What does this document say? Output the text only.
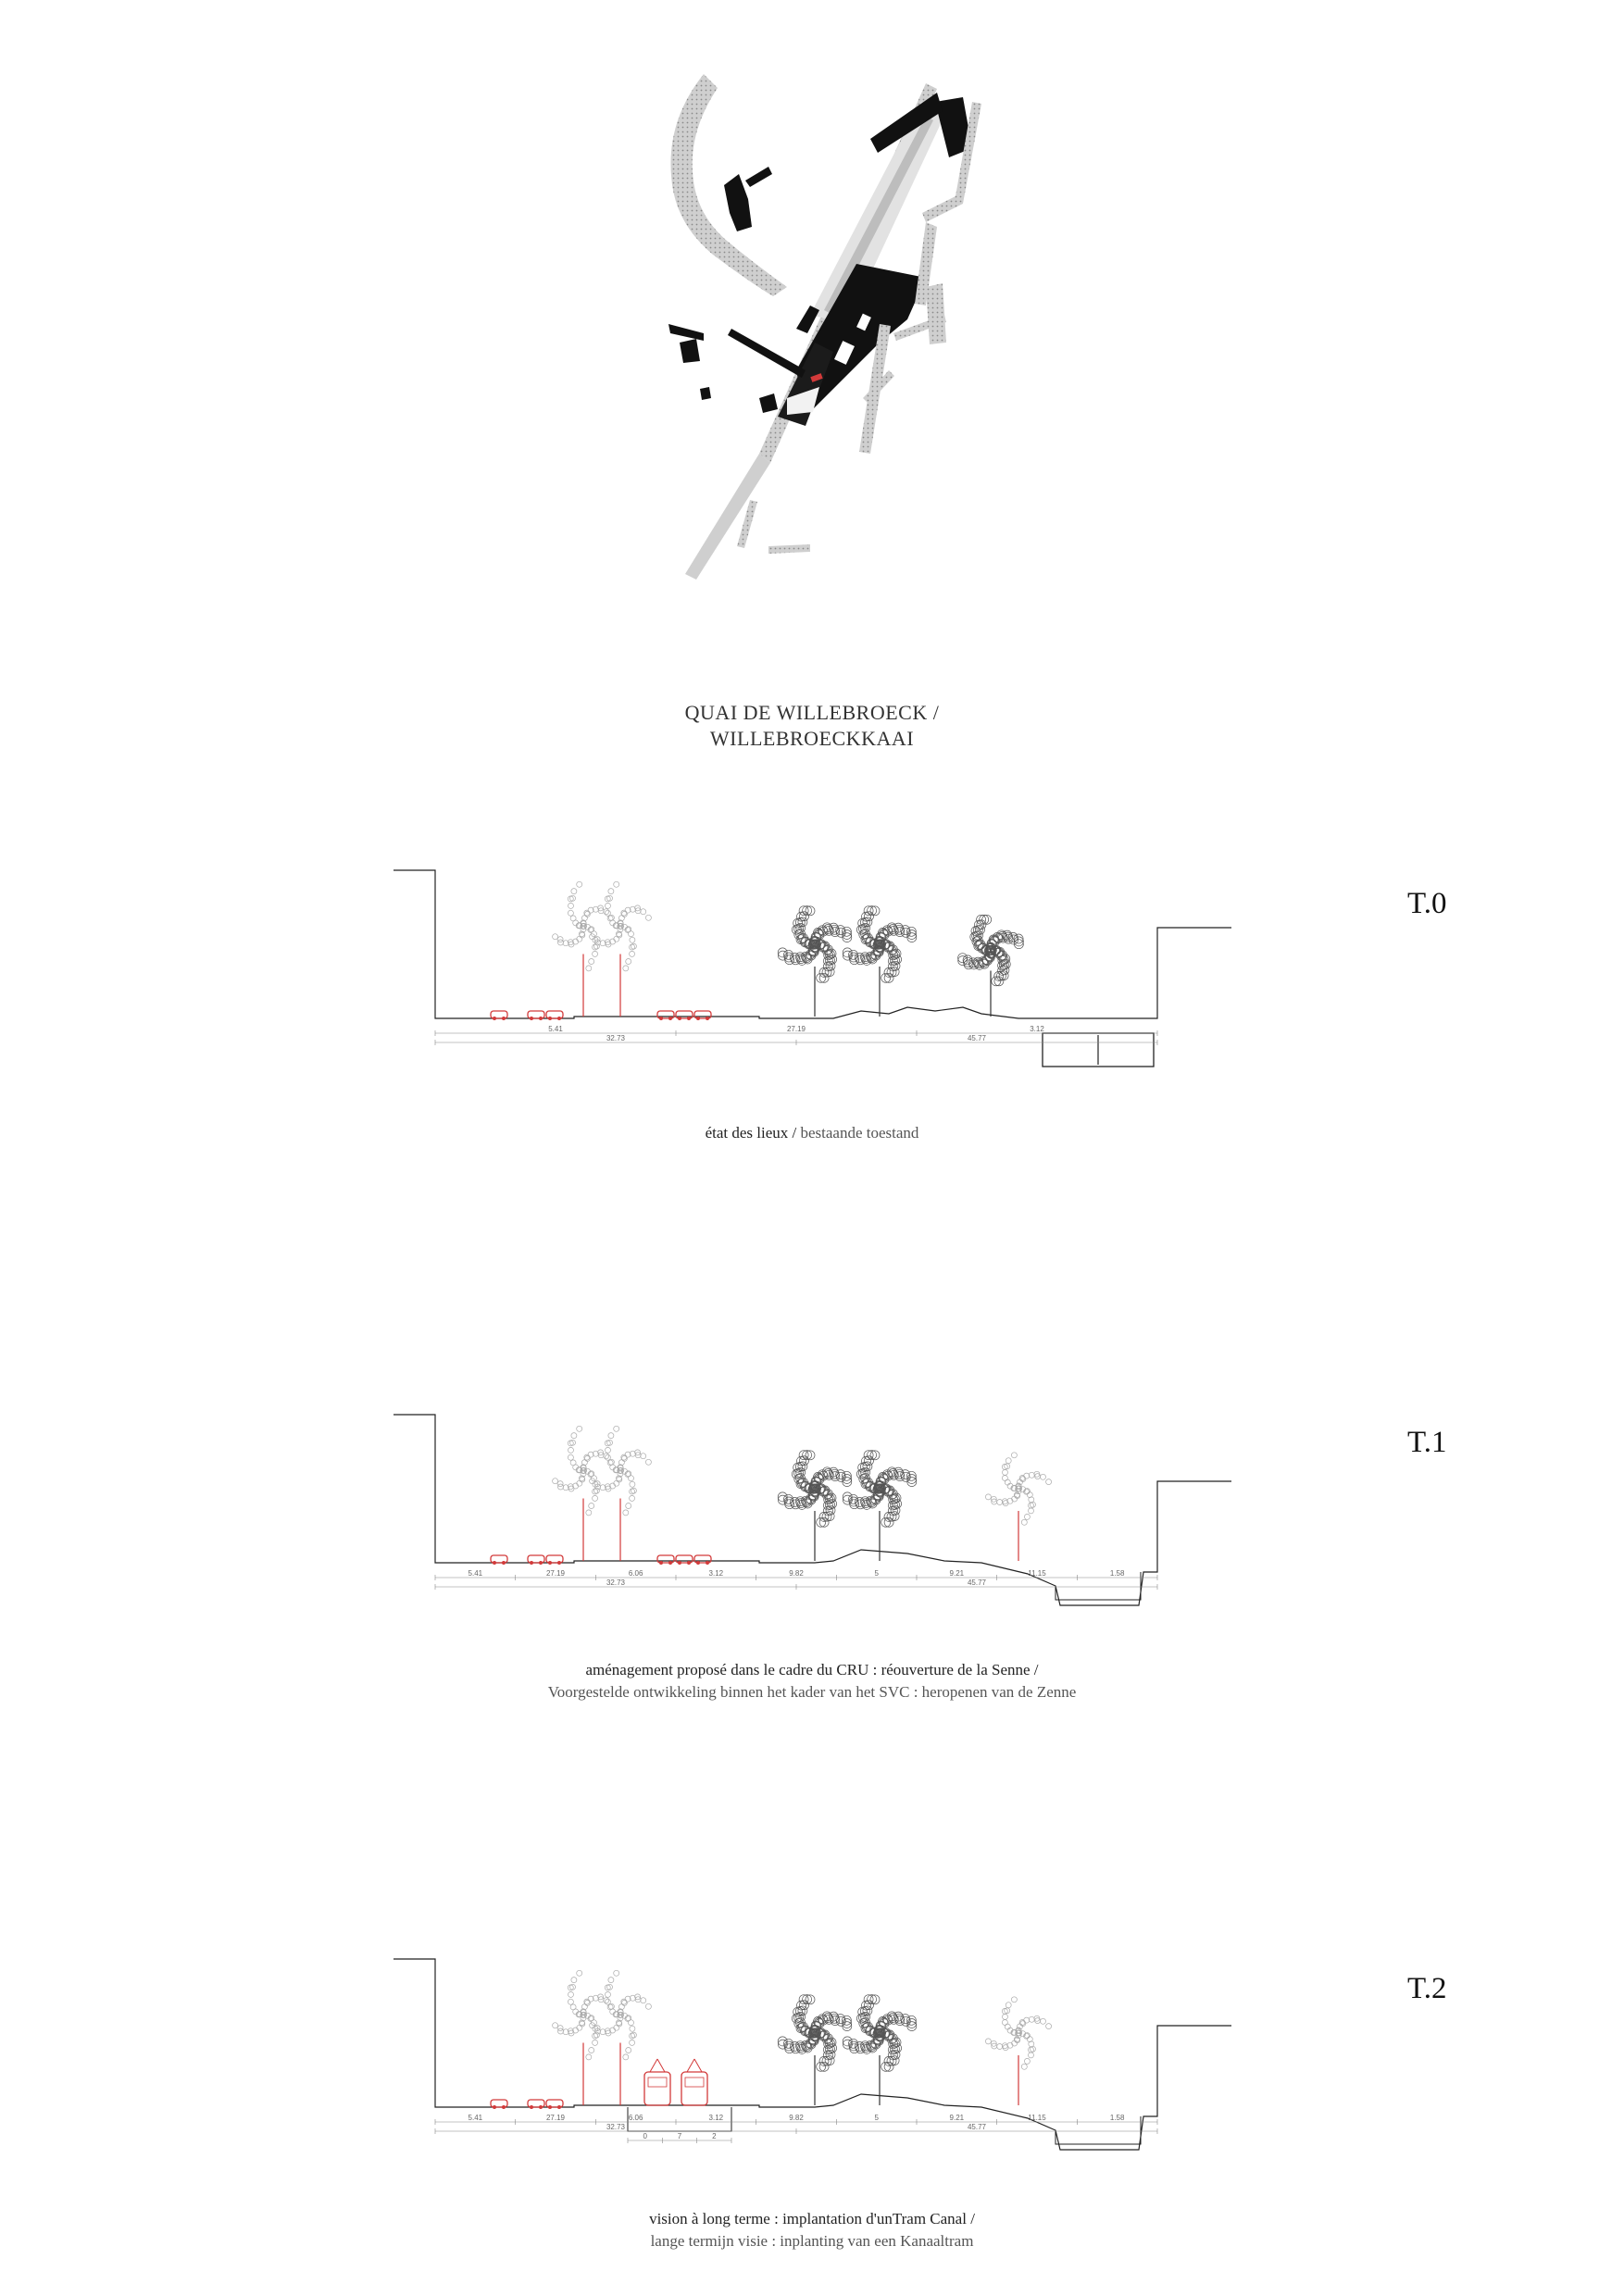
QUAI DE WILLEBROECK /
WILLEBROECKKAAI
5.41	27.19	3.12
32.73	45.77
T.0
état des lieux / bestaande toestand
5.41	27.19	6.06	3.12	9.82	5	9.21	11.15	1.58
32.73	45.77
T.1
aménagement proposé dans le cadre du CRU : réouverture de la Senne /
Voorgestelde ontwikkeling binnen het kader van het SVC : heropenen van de Zenne
5.41	27.19	6.06	3.12	9.82	5	9.21	11.15	1.58
32.73	45.77
0	7	2
T.2
vision à long terme : implantation d'unTram Canal /
lange termijn visie : inplanting van een Kanaaltram
